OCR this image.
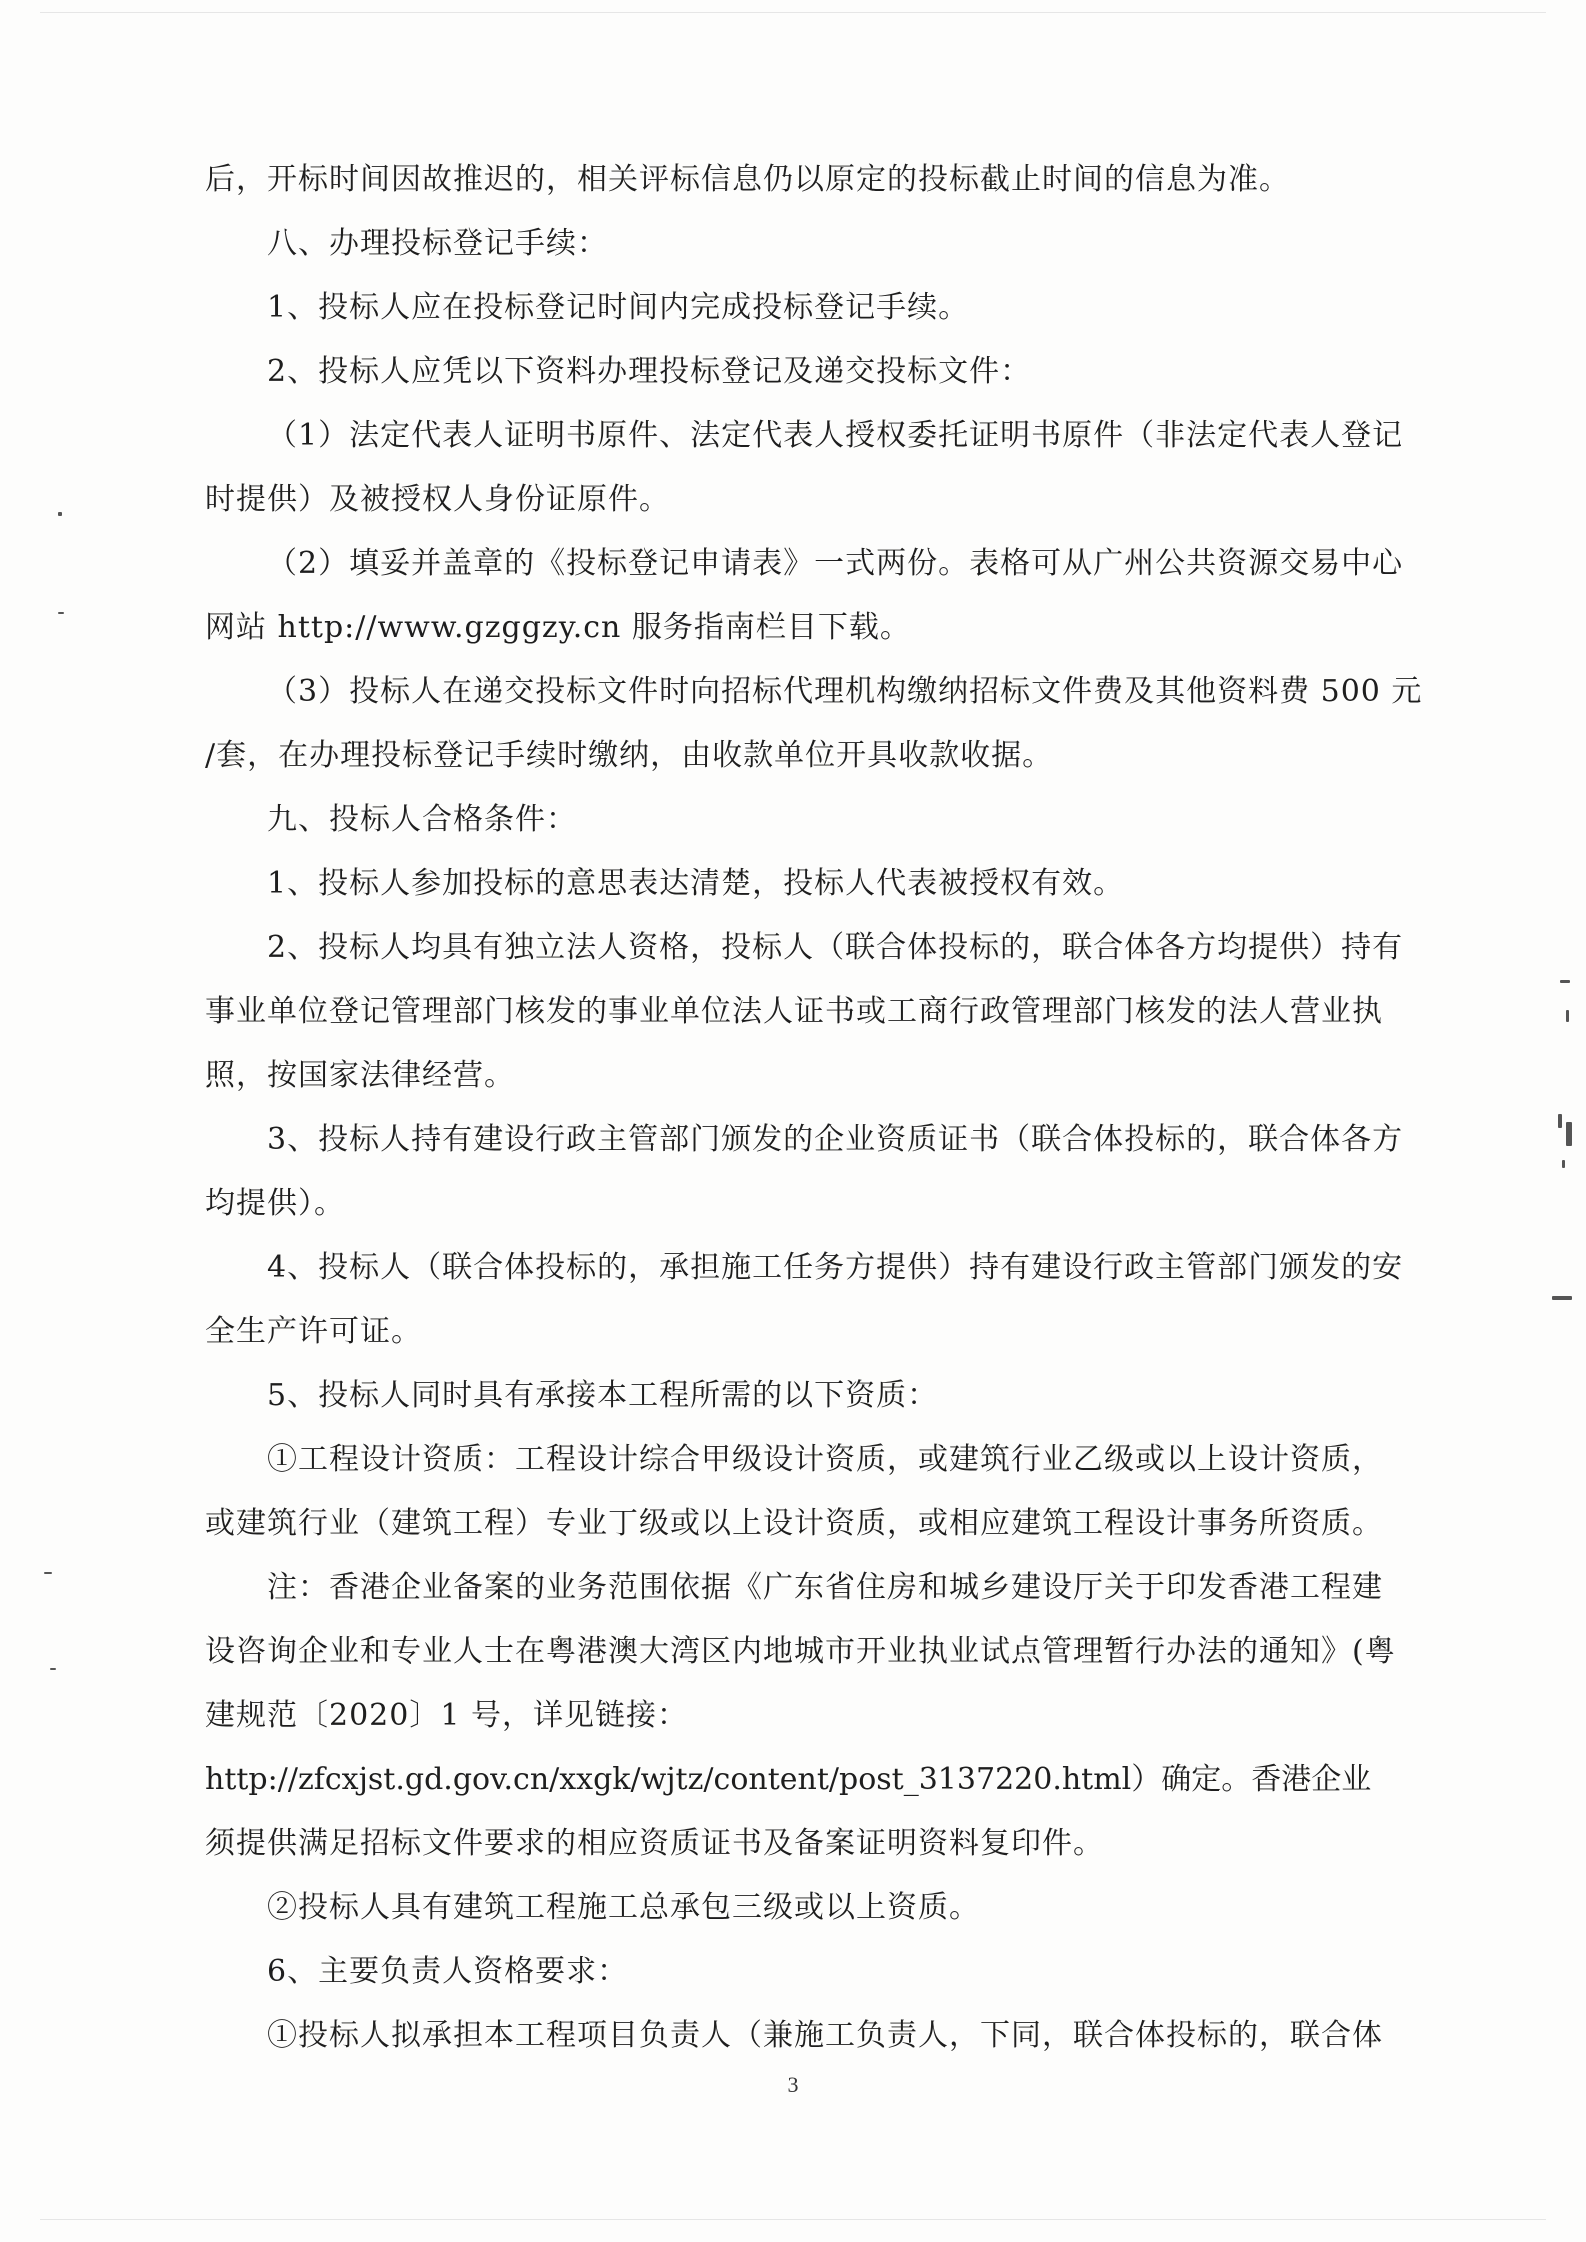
后，开标时间因故推迟的，相关评标信息仍以原定的投标截止时间的信息为准。
八、办理投标登记手续：
1、投标人应在投标登记时间内完成投标登记手续。
2、投标人应凭以下资料办理投标登记及递交投标文件：
（1）法定代表人证明书原件、法定代表人授权委托证明书原件（非法定代表人登记
时提供）及被授权人身份证原件。
（2）填妥并盖章的《投标登记申请表》一式两份。表格可从广州公共资源交易中心
网站 http://www.gzggzy.cn 服务指南栏目下载。
（3）投标人在递交投标文件时向招标代理机构缴纳招标文件费及其他资料费 500 元
/套，在办理投标登记手续时缴纳，由收款单位开具收款收据。
九、投标人合格条件：
1、投标人参加投标的意思表达清楚，投标人代表被授权有效。
2、投标人均具有独立法人资格，投标人（联合体投标的，联合体各方均提供）持有
事业单位登记管理部门核发的事业单位法人证书或工商行政管理部门核发的法人营业执
照，按国家法律经营。
3、投标人持有建设行政主管部门颁发的企业资质证书（联合体投标的，联合体各方
均提供）。
4、投标人（联合体投标的，承担施工任务方提供）持有建设行政主管部门颁发的安
全生产许可证。
5、投标人同时具有承接本工程所需的以下资质：
①工程设计资质：工程设计综合甲级设计资质，或建筑行业乙级或以上设计资质，
或建筑行业（建筑工程）专业丁级或以上设计资质，或相应建筑工程设计事务所资质。
注：香港企业备案的业务范围依据《广东省住房和城乡建设厅关于印发香港工程建
设咨询企业和专业人士在粤港澳大湾区内地城市开业执业试点管理暂行办法的通知》(粤
建规范〔2020〕1 号，详见链接：
http://zfcxjst.gd.gov.cn/xxgk/wjtz/content/post_3137220.html）确定。香港企业
须提供满足招标文件要求的相应资质证书及备案证明资料复印件。
②投标人具有建筑工程施工总承包三级或以上资质。
6、主要负责人资格要求：
①投标人拟承担本工程项目负责人（兼施工负责人，下同，联合体投标的，联合体
3
